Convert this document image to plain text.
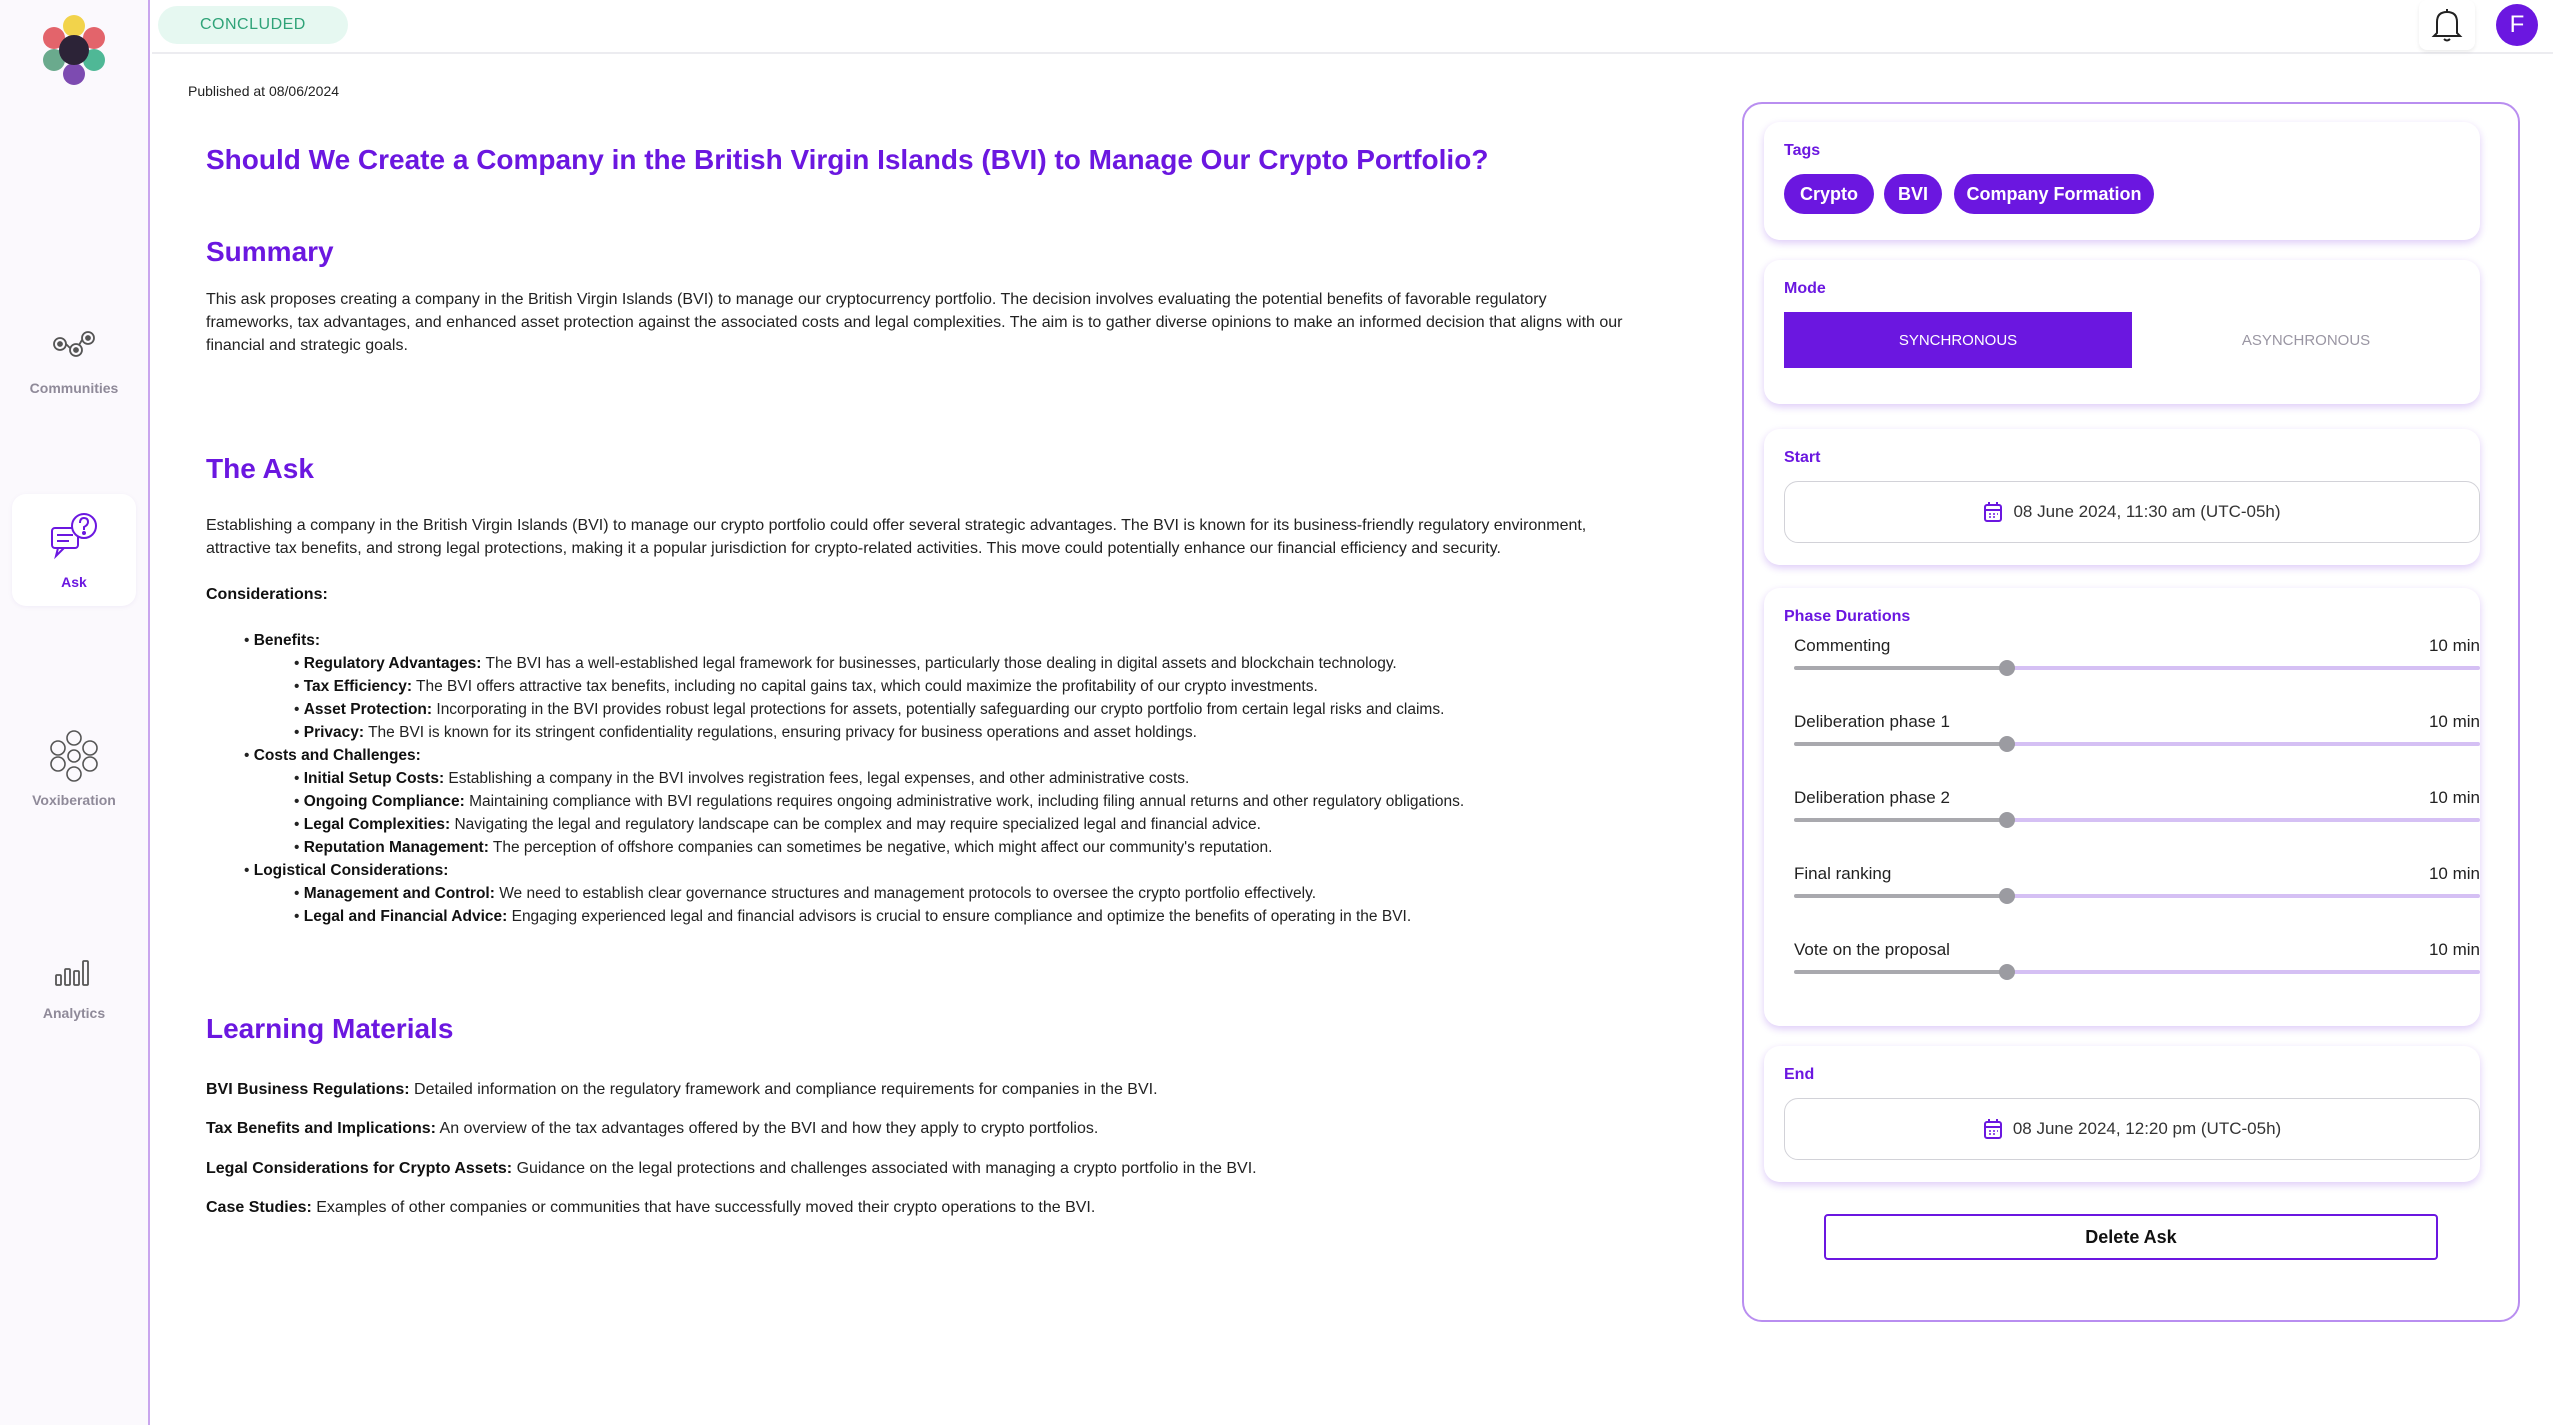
Communities
Ask
Voxiberation
Analytics
CONCLUDED	F
Published at 08/06/2024
Should We Create a Company in the British Virgin Islands (BVI) to Manage Our Crypto Portfolio?
Summary
This ask proposes creating a company in the British Virgin Islands (BVI) to manage our cryptocurrency portfolio. The decision involves evaluating the potential benefits of favorable regulatory frameworks, tax advantages, and enhanced asset protection against the associated costs and legal complexities. The aim is to gather diverse opinions to make an informed decision that aligns with our financial and strategic goals.
The Ask
Establishing a company in the British Virgin Islands (BVI) to manage our crypto portfolio could offer several strategic advantages. The BVI is known for its business-friendly regulatory environment, attractive tax benefits, and strong legal protections, making it a popular jurisdiction for crypto-related activities. This move could potentially enhance our financial efficiency and security.
Considerations:
• Benefits:
• Regulatory Advantages: The BVI has a well-established legal framework for businesses, particularly those dealing in digital assets and blockchain technology.
• Tax Efficiency: The BVI offers attractive tax benefits, including no capital gains tax, which could maximize the profitability of our crypto investments.
• Asset Protection: Incorporating in the BVI provides robust legal protections for assets, potentially safeguarding our crypto portfolio from certain legal risks and claims.
• Privacy: The BVI is known for its stringent confidentiality regulations, ensuring privacy for business operations and asset holdings.
• Costs and Challenges:
• Initial Setup Costs: Establishing a company in the BVI involves registration fees, legal expenses, and other administrative costs.
• Ongoing Compliance: Maintaining compliance with BVI regulations requires ongoing administrative work, including filing annual returns and other regulatory obligations.
• Legal Complexities: Navigating the legal and regulatory landscape can be complex and may require specialized legal and financial advice.
• Reputation Management: The perception of offshore companies can sometimes be negative, which might affect our community's reputation.
• Logistical Considerations:
• Management and Control: We need to establish clear governance structures and management protocols to oversee the crypto portfolio effectively.
• Legal and Financial Advice: Engaging experienced legal and financial advisors is crucial to ensure compliance and optimize the benefits of operating in the BVI.
Learning Materials
BVI Business Regulations: Detailed information on the regulatory framework and compliance requirements for companies in the BVI.
Tax Benefits and Implications: An overview of the tax advantages offered by the BVI and how they apply to crypto portfolios.
Legal Considerations for Crypto Assets: Guidance on the legal protections and challenges associated with managing a crypto portfolio in the BVI.
Case Studies: Examples of other companies or communities that have successfully moved their crypto operations to the BVI.
Tags
Crypto	BVI	Company Formation
Mode
SYNCHRONOUS	ASYNCHRONOUS
Start
08 June 2024, 11:30 am (UTC-05h)
Phase Durations
Commenting	10 min
Deliberation phase 1	10 min
Deliberation phase 2	10 min
Final ranking	10 min
Vote on the proposal	10 min
End
08 June 2024, 12:20 pm (UTC-05h)
Delete Ask
